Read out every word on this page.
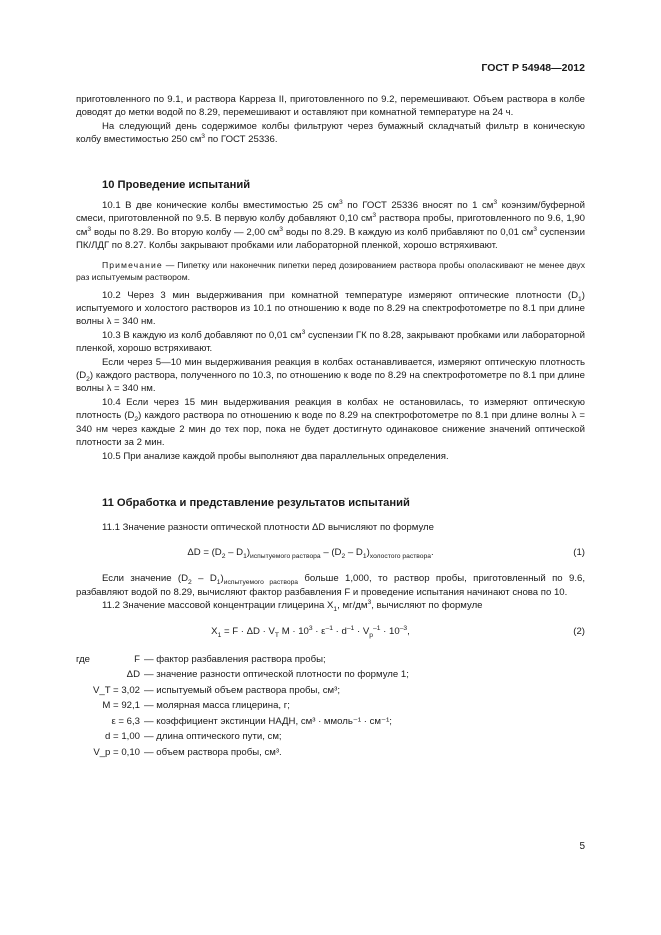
ГОСТ Р 54948—2012

приготовленного по 9.1, и раствора Карреза II, приготовленного по 9.2, перемешивают. Объем раствора в колбе доводят до метки водой по 8.29, перемешивают и оставляют при комнатной температуре на 24 ч.

На следующий день содержимое колбы фильтруют через бумажный складчатый фильтр в коническую колбу вместимостью 250 $см^3$ по ГОСТ 25336.

10 Проведение испытаний

10.1 В две конические колбы вместимостью 25 $см^3$ по ГОСТ 25336 вносят по 1 $см^3$ коэнзим/буферной смеси, приготовленной по 9.5. В первую колбу добавляют 0,10 $см^3$ раствора пробы, приготовленного по 9.6, 1,90 $см^3$ воды по 8.29. Во вторую колбу — 2,00 $см^3$ воды по 8.29. В каждую из колб прибавляют по 0,01 $см^3$ суспензии ПК/ЛДГ по 8.27. Колбы закрывают пробками или лабораторной пленкой, хорошо встряхивают.

Примечание — Пипетку или наконечник пипетки перед дозированием раствора пробы ополаскивают не менее двух раз испытуемым раствором.

10.2 Через 3 мин выдерживания при комнатной температуре измеряют оптические плотности $(D_1)$ испытуемого и холостого растворов из 10.1 по отношению к воде по 8.29 на спектрофотометре по 8.1 при длине волны λ = 340 нм.

10.3 В каждую из колб добавляют по 0,01 $см^3$ суспензии ГК по 8.28, закрывают пробками или лабораторной пленкой, хорошо встряхивают.

Если через 5—10 мин выдерживания реакция в колбах останавливается, измеряют оптическую плотность $(D_2)$ каждого раствора, полученного по 10.3, по отношению к воде по 8.29 на спектрофотометре по 8.1 при длине волны λ = 340 нм.

10.4 Если через 15 мин выдерживания реакция в колбах не остановилась, то измеряют оптическую плотность $(D_2)$ каждого раствора по отношению к воде по 8.29 на спектрофотометре по 8.1 при длине волны λ = 340 нм через каждые 2 мин до тех пор, пока не будет достигнуто одинаковое снижение значений оптической плотности за 2 мин.

10.5 При анализе каждой пробы выполняют два параллельных определения.

11 Обработка и представление результатов испытаний

11.1 Значение разности оптической плотности ΔD вычисляют по формуле

$\Delta D = (D_2 - D_1)_{испытуемого раствора} - (D_2 - D_1)_{холостого раствора}$.	(1)

Если значение $(D_2 - D_1)_{испытуемого раствора}$ больше 1,000, то раствор пробы, приготовленный по 9.6, разбавляют водой по 8.29, вычисляют фактор разбавления F и проведение испытания начинают снова по 10.

11.2 Значение массовой концентрации глицерина $X_1$, $мг/дм^3$, вычисляют по формуле

$X_1 = F \cdot \Delta D \cdot V_T$ $M \cdot 10^3 \cdot \varepsilon^{-1} \cdot d^{-1} \cdot V_p^{-1} \cdot 10^{-3}$,	(2)
где	F — фактор разбавления раствора пробы;
ΔD — значение разности оптической плотности по формуле 1;
V_T = 3,02 — испытуемый объем раствора пробы, см³;
M = 92,1 — молярная масса глицерина, г;
ε = 6,3 — коэффициент экстинции НАДН, см³ · ммоль⁻¹ · см⁻¹;
d = 1,00 — длина оптического пути, см;
V_p = 0,10 — объем раствора пробы, см³.
5
